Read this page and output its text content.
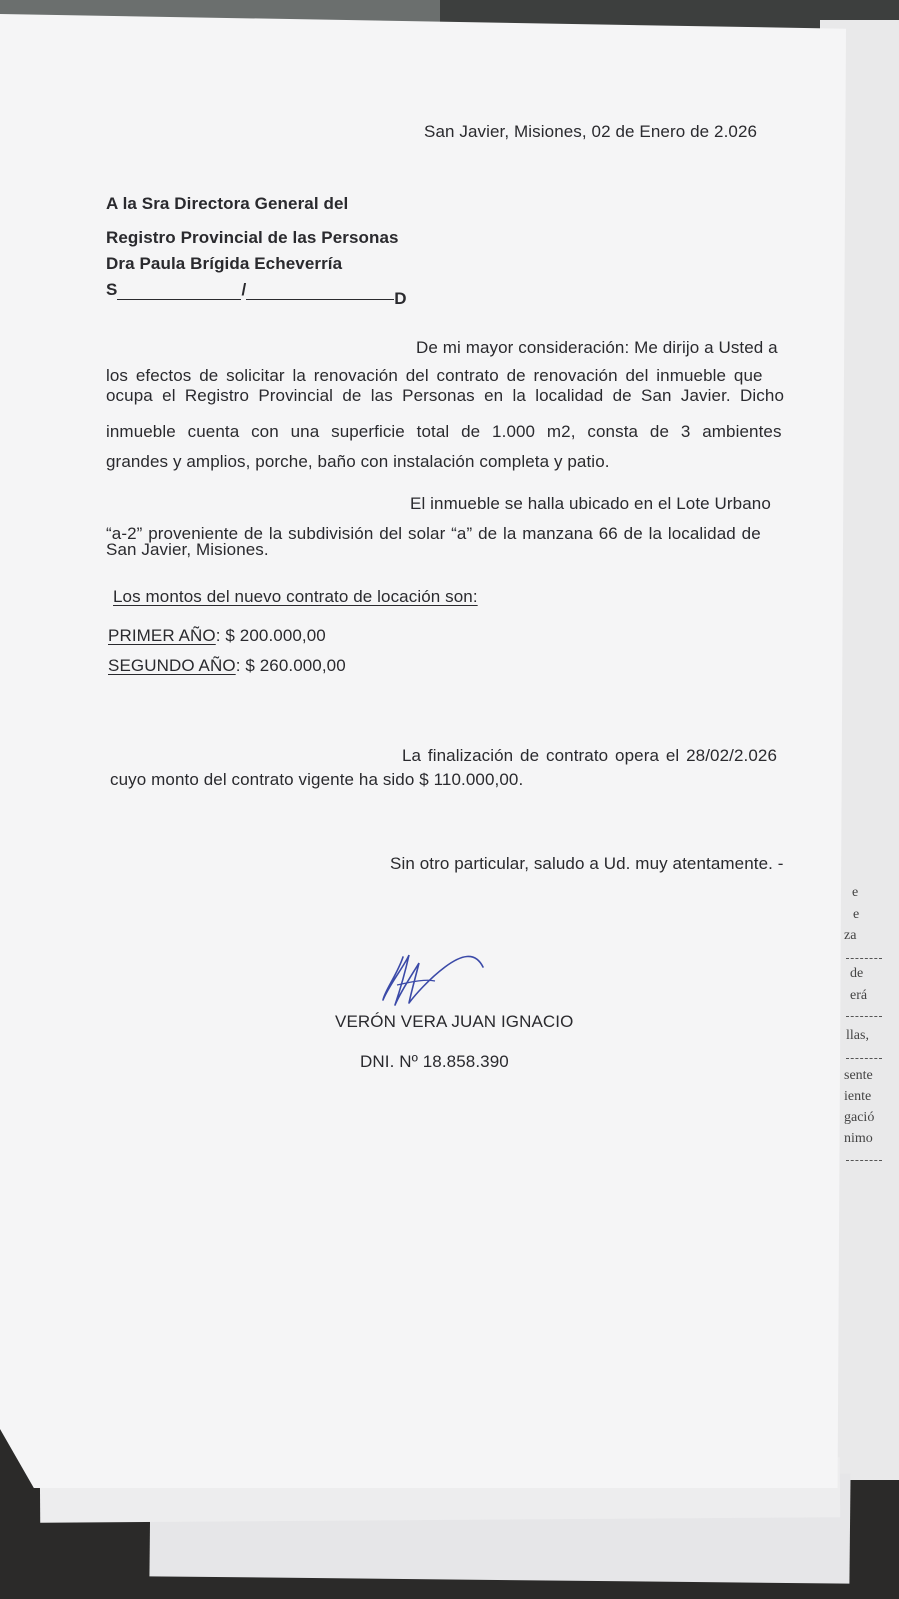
e
e
za
de
erá
llas,
sente
iente
gació
nimo
San Javier, Misiones, 02 de Enero de 2.026
A la Sra Directora General del
Registro Provincial de las Personas
Dra Paula Brígida Echeverría
S	/	D
De mi mayor consideración: Me dirijo a Usted a
los efectos de solicitar la renovación del contrato de renovación del inmueble que
ocupa el Registro Provincial de las Personas en la localidad de San Javier. Dicho
inmueble cuenta con una superficie total de 1.000 m2, consta de 3 ambientes
grandes y amplios, porche, baño con instalación completa y patio.
El inmueble se halla ubicado en el Lote Urbano
“a-2” proveniente de la subdivisión del solar “a” de la manzana 66 de la localidad de
San Javier, Misiones.
Los montos del nuevo contrato de locación son:
PRIMER AÑO: $ 200.000,00
SEGUNDO AÑO: $ 260.000,00
La finalización de contrato opera el 28/02/2.026
cuyo monto del contrato vigente ha sido $ 110.000,00.
Sin otro particular, saludo a Ud. muy atentamente. -
VERÓN VERA JUAN IGNACIO
DNI. Nº 18.858.390
